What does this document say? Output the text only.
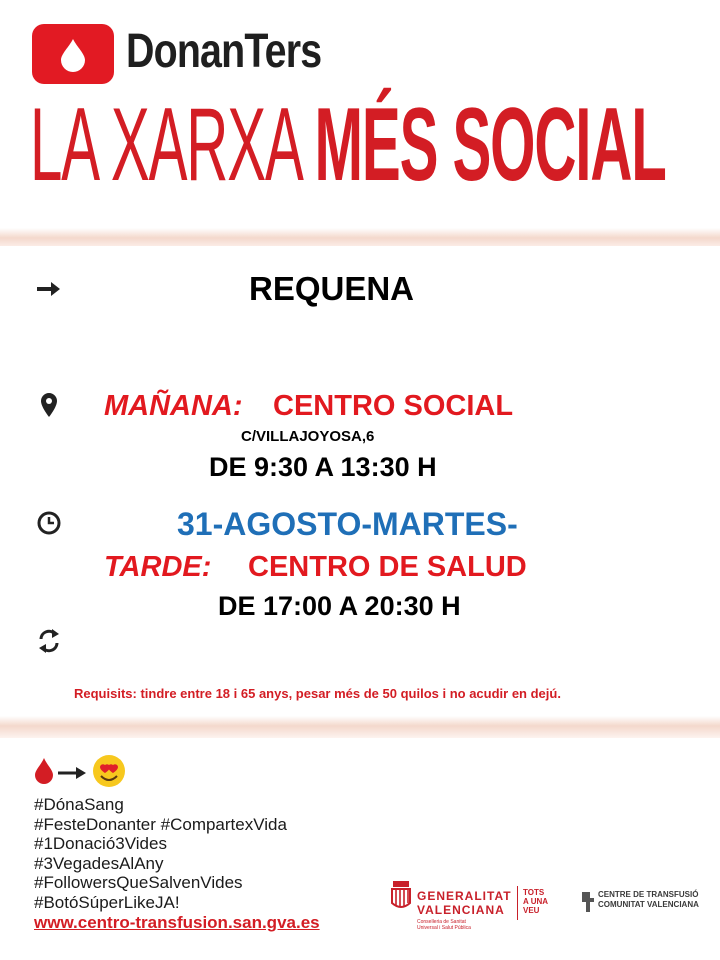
DonanTers
LA XARXA MÉS SOCIAL
REQUENA
MAÑANA: CENTRO SOCIAL
C/VILLAJOYOSA,6
DE 9:30 A 13:30 H
31-AGOSTO-MARTES-
TARDE: CENTRO DE SALUD
DE 17:00 A 20:30 H
Requisits: tindre entre 18 i 65 anys, pesar més de 50 quilos i no acudir en dejú.
#DónaSang
#FesteDonanter #CompartexVida
#1Donació3Vides
#3VegadesAlAny
#FollowersQueSalvenVides
#BotóSúperLikeJA!
www.centro-transfusion.san.gva.es
GENERALITAT
VALENCIANA
Conselleria de Sanitat
Universal i Salut Pública
TOTS
A UNA
VEU
CENTRE DE TRANSFUSIÓ
COMUNITAT VALENCIANA
